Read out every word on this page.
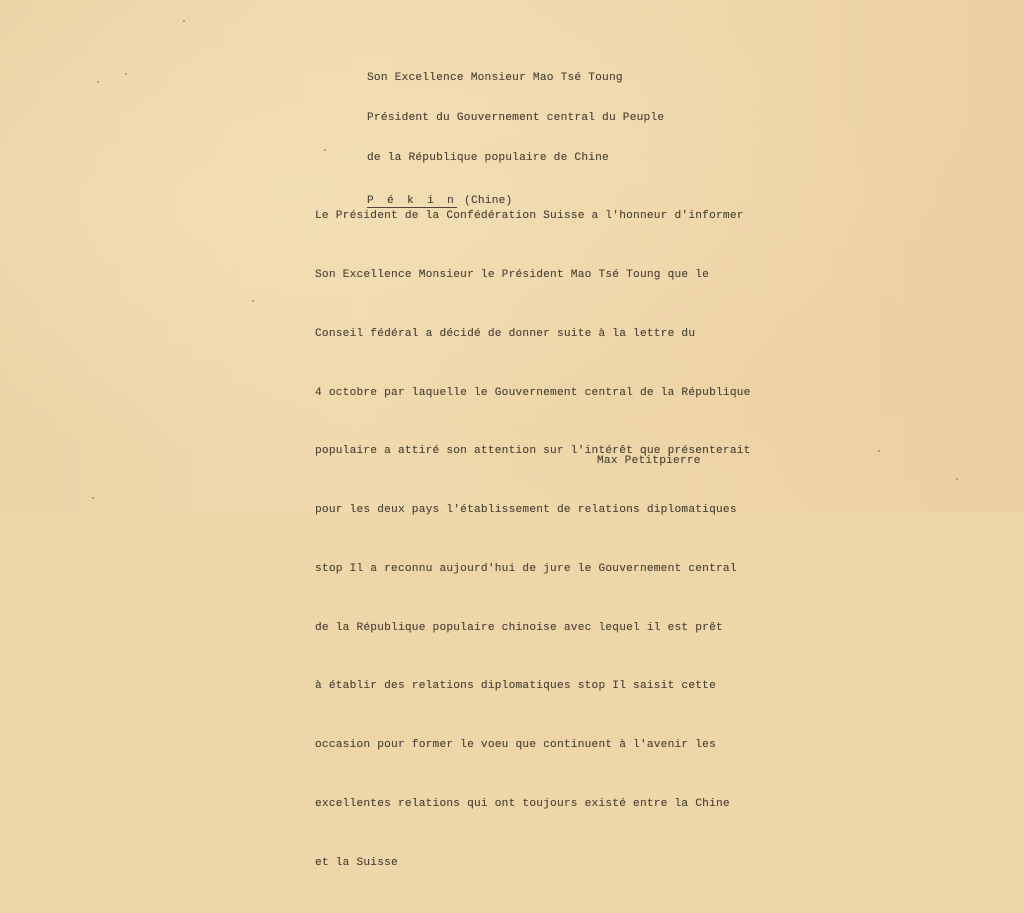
Son Excellence Monsieur Mao Tsé Toung

Président du Gouvernement central du Peuple

de la République populaire de Chine

P é k i n (Chine)

Le Président de la Confédération Suisse a l'honneur d'informer

Son Excellence Monsieur le Président Mao Tsé Toung que le

Conseil fédéral a décidé de donner suite à la lettre du

4 octobre par laquelle le Gouvernement central de la République

populaire a attiré son attention sur l'intérêt que présenterait

pour les deux pays l'établissement de relations diplomatiques

stop Il a reconnu aujourd'hui de jure le Gouvernement central

de la République populaire chinoise avec lequel il est prêt

à établir des relations diplomatiques stop Il saisit cette

occasion pour former le voeu que continuent à l'avenir les

excellentes relations qui ont toujours existé entre la Chine

et la Suisse

Max Petitpierre
